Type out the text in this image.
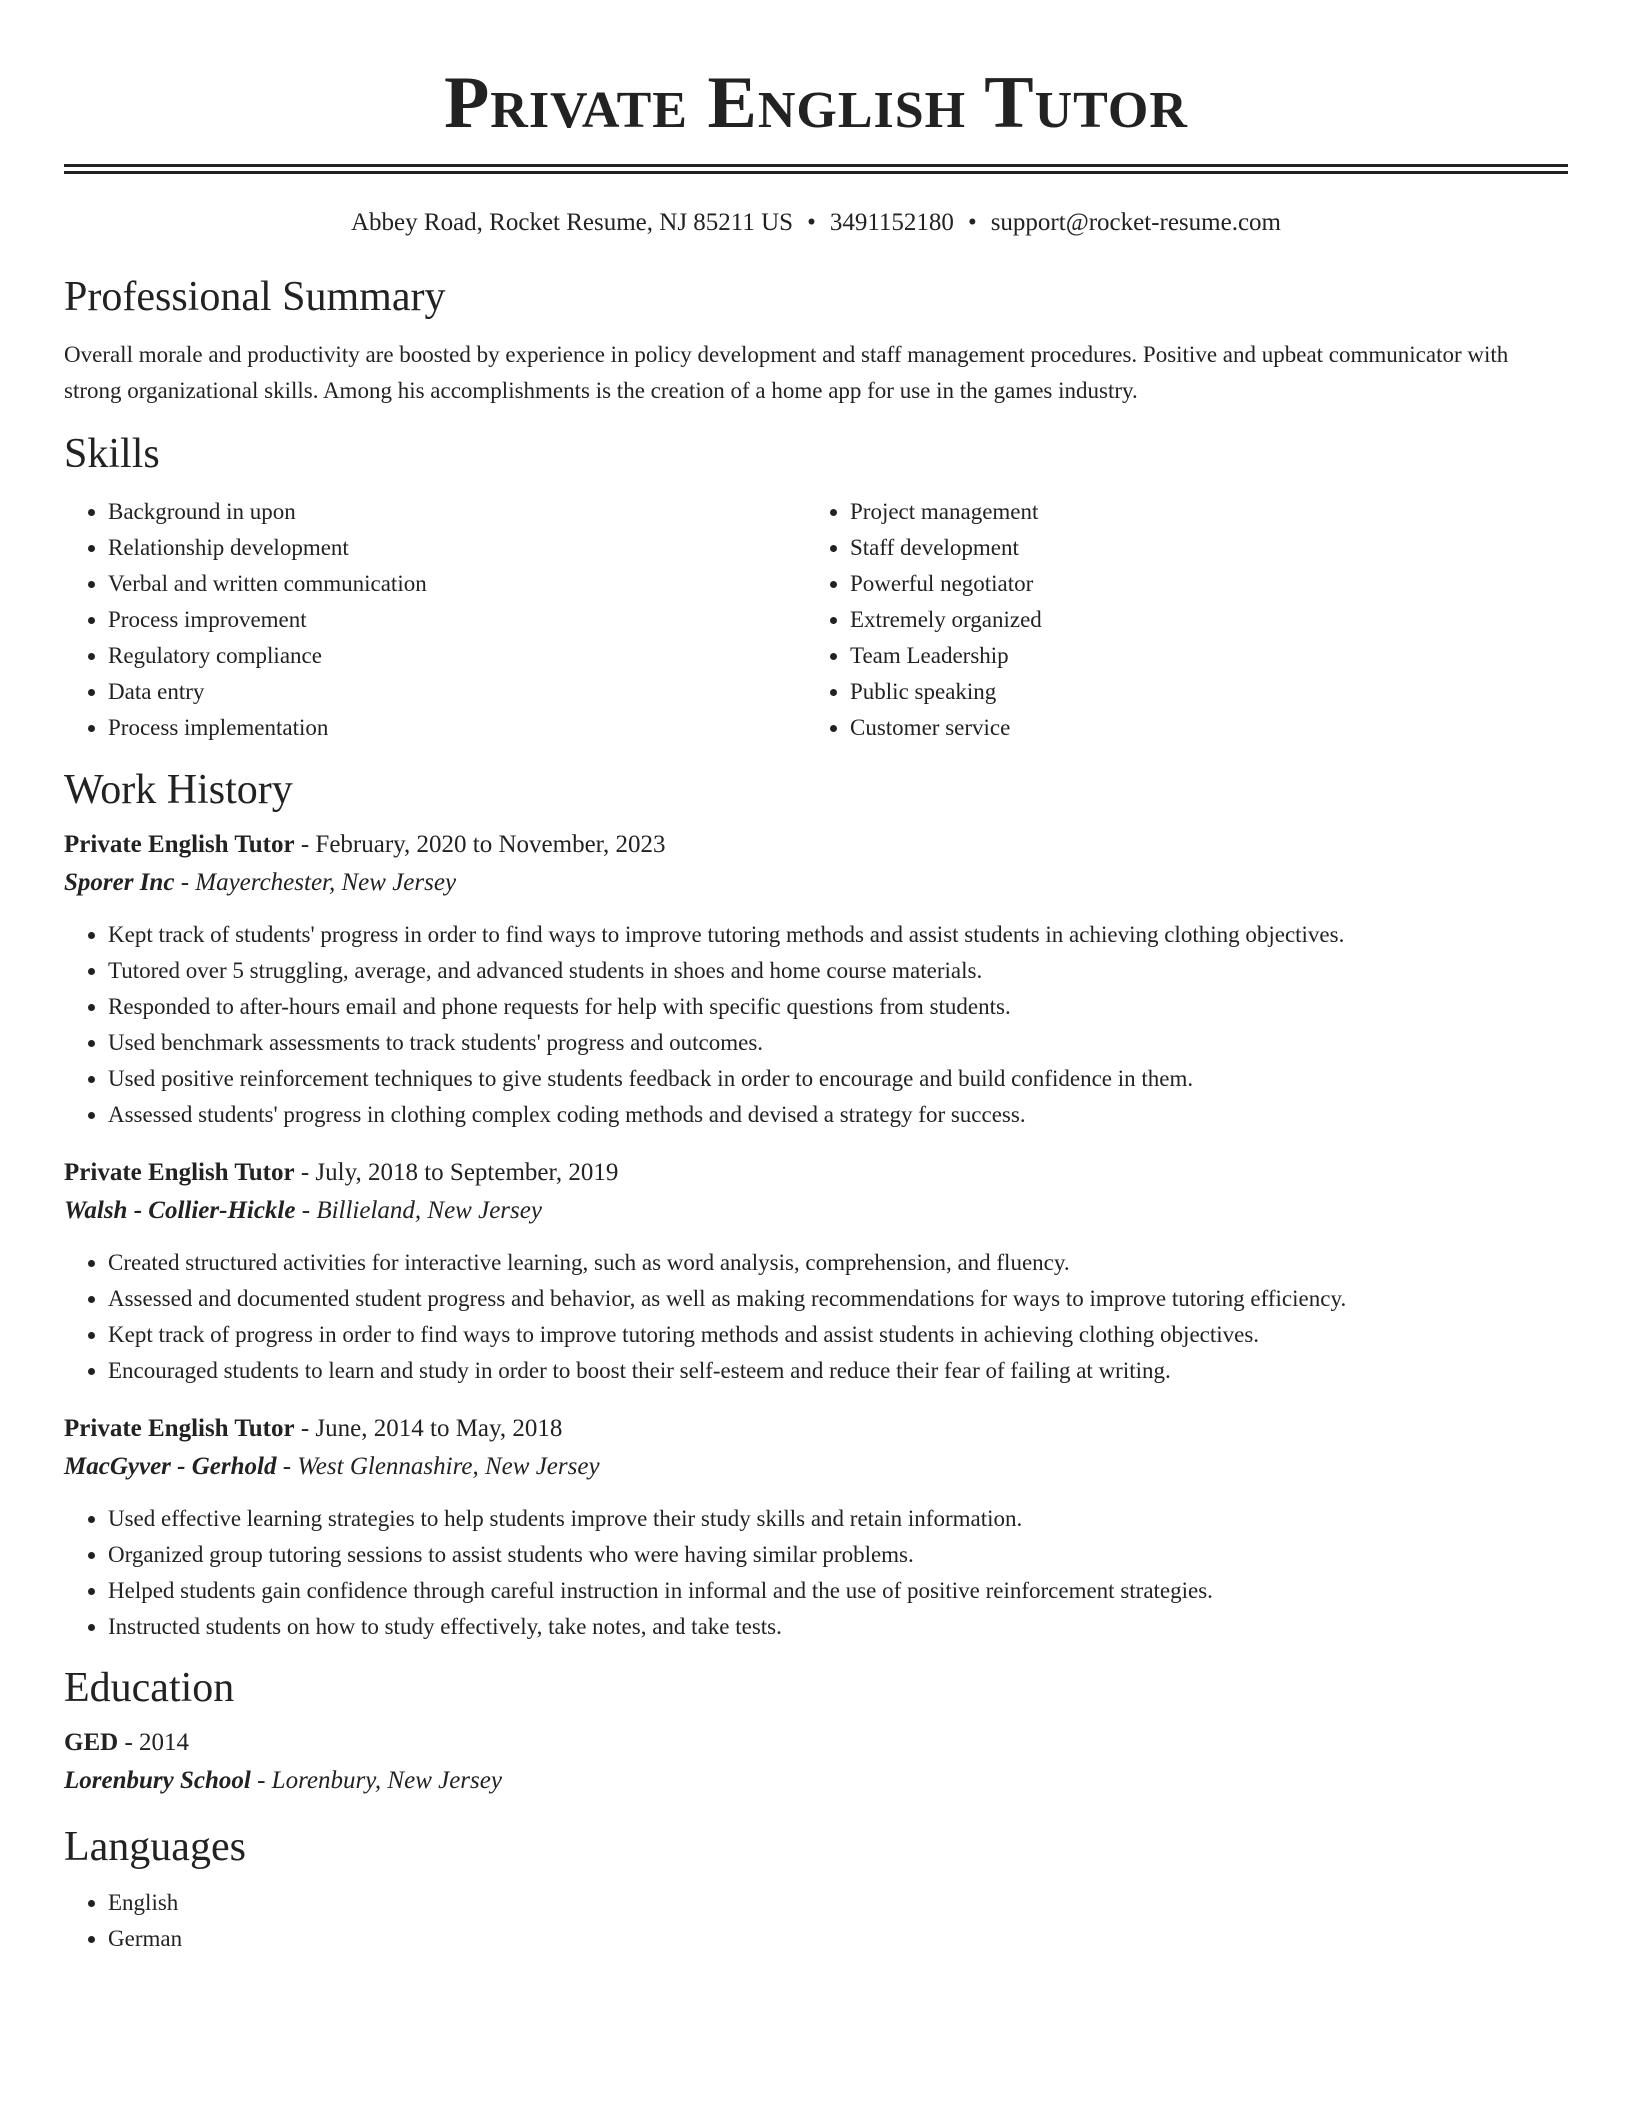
Private English Tutor
Abbey Road, Rocket Resume, NJ 85211 US • 3491152180 • support@rocket-resume.com
Professional Summary

Overall morale and productivity are boosted by experience in policy development and staff management procedures. Positive and upbeat communicator with strong organizational skills. Among his accomplishments is the creation of a home app for use in the games industry.

Skills
• Background in upon
• Relationship development
• Verbal and written communication
• Process improvement
• Regulatory compliance
• Data entry
• Process implementation
• Project management
• Staff development
• Powerful negotiator
• Extremely organized
• Team Leadership
• Public speaking
• Customer service
Work History
Private English Tutor - February, 2020 to November, 2023
Sporer Inc - Mayerchester, New Jersey
• Kept track of students' progress in order to find ways to improve tutoring methods and assist students in achieving clothing objectives.
• Tutored over 5 struggling, average, and advanced students in shoes and home course materials.
• Responded to after-hours email and phone requests for help with specific questions from students.
• Used benchmark assessments to track students' progress and outcomes.
• Used positive reinforcement techniques to give students feedback in order to encourage and build confidence in them.
• Assessed students' progress in clothing complex coding methods and devised a strategy for success.
Private English Tutor - July, 2018 to September, 2019
Walsh - Collier-Hickle - Billieland, New Jersey
• Created structured activities for interactive learning, such as word analysis, comprehension, and fluency.
• Assessed and documented student progress and behavior, as well as making recommendations for ways to improve tutoring efficiency.
• Kept track of progress in order to find ways to improve tutoring methods and assist students in achieving clothing objectives.
• Encouraged students to learn and study in order to boost their self-esteem and reduce their fear of failing at writing.
Private English Tutor - June, 2014 to May, 2018
MacGyver - Gerhold - West Glennashire, New Jersey
• Used effective learning strategies to help students improve their study skills and retain information.
• Organized group tutoring sessions to assist students who were having similar problems.
• Helped students gain confidence through careful instruction in informal and the use of positive reinforcement strategies.
• Instructed students on how to study effectively, take notes, and take tests.
Education
GED - 2014
Lorenbury School - Lorenbury, New Jersey
Languages
• English
• German
